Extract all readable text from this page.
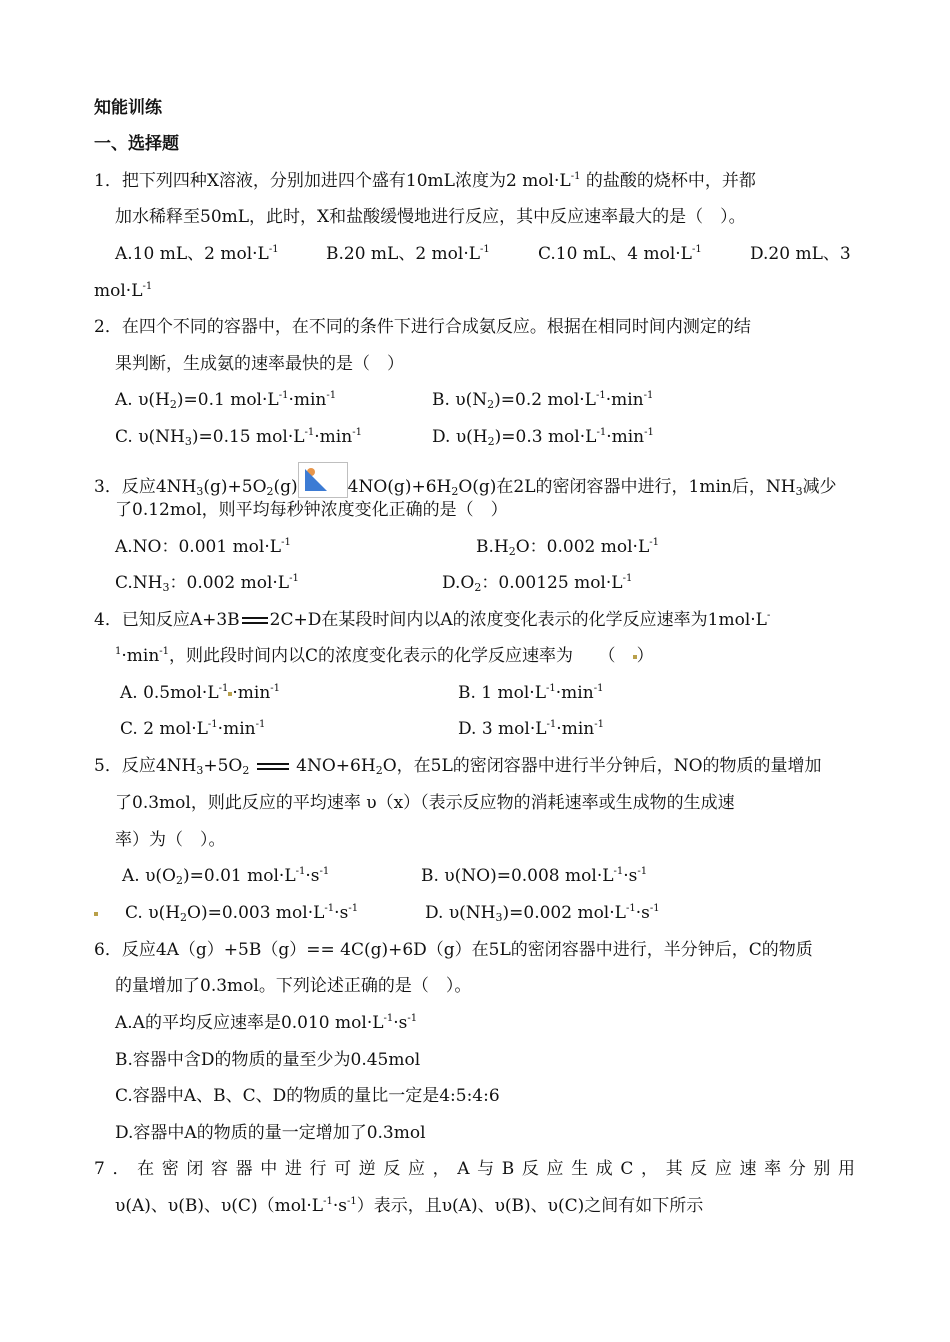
知能训练
一、选择题
1．把下列四种X溶液，分别加进四个盛有10mL浓度为2 $mol\cdot L^{-1}$ 的盐酸的烧杯中，并都
加水稀释至50mL，此时，X和盐酸缓慢地进行反应，其中反应速率最大的是（　）。
A.10 mL、2 $mol\cdot L^{-1}$	B.20 mL、2 $mol\cdot L^{-1}$	C.10 mL、4 $mol\cdot L^{-1}$	D.20 mL、3
$mol\cdot L^{-1}$
2．在四个不同的容器中，在不同的条件下进行合成氨反应。根据在相同时间内测定的结
果判断，生成氨的速率最快的是（　）
A. $\upsilon(H_2)=0.1$ $mol\cdot L^{-1}\cdot\min^{-1}$	B. $\upsilon(N_2)=0.2$ $mol\cdot L^{-1}\cdot\min^{-1}$
C. $\upsilon(NH_3)=0.15$ $mol\cdot L^{-1}\cdot\min^{-1}$	D. $\upsilon(H_2)=0.3$ $mol\cdot L^{-1}\cdot\min^{-1}$
3．反应$4NH_3(g)+5O_2(g)$	$4NO(g)+6H_2O(g)$在2L的密闭容器中进行，1min后，$NH_3$减少
了0.12mol，则平均每秒钟浓度变化正确的是（　）
A.NO：0.001 $mol\cdot L^{-1}$	$B.H_2O$：0.002 $mol\cdot L^{-1}$
$C.NH_3$：0.002 $mol\cdot L^{-1}$	$D.O_2$：0.00125 $mol\cdot L^{-1}$
4．已知反应A+3B 2C+D在某段时间内以A的浓度变化表示的化学反应速率为1mol·L-
$^1\cdot\min^{-1}$，则此段时间内以C的浓度变化表示的化学反应速率为　　（　）
A. $0.5mol\cdot L^{-1} \cdot\min^{-1}$	B. 1 $mol\cdot L^{-1}\cdot\min^{-1}$
C. 2 $mol\cdot L^{-1}\cdot\min^{-1}$	D. 3 $mol\cdot L^{-1}\cdot\min^{-1}$
5．反应$4NH_3+5O_2$	$4NO+6H_2O$，在5L的密闭容器中进行半分钟后，NO的物质的量增加
了0.3mol，则此反应的平均速率 υ（x）（表示反应物的消耗速率或生成物的生成速
率）为（　）。
A. $\upsilon(O_2)=0.01$ $mol\cdot L^{-1}\cdot s^{-1}$	B. υ(NO)=0.008 $mol\cdot L^{-1}\cdot s^{-1}$
C. $\upsilon(H_2O)=0.003$ $mol\cdot L^{-1}\cdot s^{-1}$	D. $\upsilon(NH_3)=0.002$ $mol\cdot L^{-1}\cdot s^{-1}$
6．反应4A（g）+5B（g）== 4C(g)+6D（g）在5L的密闭容器中进行，半分钟后，C的物质
的量增加了0.3mol。下列论述正确的是（　）。
A.A的平均反应速率是0.010 $mol\cdot L^{-1}\cdot s^{-1}$
B.容器中含D的物质的量至少为0.45mol
C.容器中A、B、C、D的物质的量比一定是4:5:4:6
D.容器中A的物质的量一定增加了0.3mol
7．在密闭容器中进行可逆反应，A与B反应生成C，其反应速率分别用
υ(A)、υ(B)、$\upsilon(C)(mol\cdot L^{-1}\cdot s^{-1})$表示，且υ(A)、υ(B)、υ(C)之间有如下所示
